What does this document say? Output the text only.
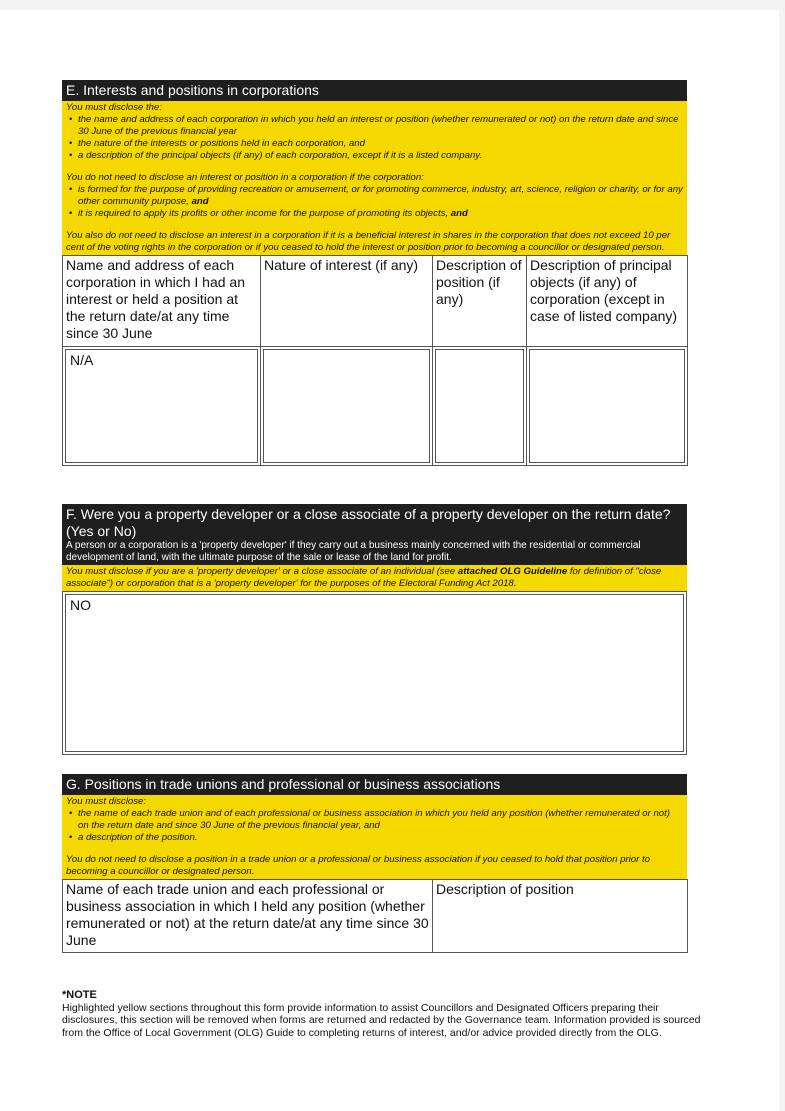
E. Interests and positions in corporations
You must disclose the:
• the name and address of each corporation in which you held an interest or position (whether remunerated or not) on the return date and since 30 June of the previous financial year
• the nature of the interests or positions held in each corporation, and
• a description of the principal objects (if any) of each corporation, except if it is a listed company.
You do not need to disclose an interest or position in a corporation if the corporation:
• is formed for the purpose of providing recreation or amusement, or for promoting commerce, industry, art, science, religion or charity, or for any other community purpose, and
• it is required to apply its profits or other income for the purpose of promoting its objects, and
You also do not need to disclose an interest in a corporation if it is a beneficial interest in shares in the corporation that does not exceed 10 per cent of the voting rights in the corporation or if you ceased to hold the interest or position prior to becoming a councillor or designated person.
Name and address of each corporation in which I had an interest or held a position at the return date/at any time since 30 June	Nature of interest (if any)	Description of position (if any)	Description of principal objects (if any) of corporation (except in case of listed company)

N/A			

F. Were you a property developer or a close associate of a property developer on the return date? (Yes or No)
A person or a corporation is a 'property developer' if they carry out a business mainly concerned with the residential or commercial development of land, with the ultimate purpose of the sale or lease of the land for profit.
You must disclose if you are a 'property developer' or a close associate of an individual (see attached OLG Guideline for definition of "close associate") or corporation that is a 'property developer' for the purposes of the Electoral Funding Act 2018.
NO
G. Positions in trade unions and professional or business associations
You must disclose:
• the name of each trade union and of each professional or business association in which you held any position (whether remunerated or not) on the return date and since 30 June of the previous financial year, and
• a description of the position.
You do not need to disclose a position in a trade union or a professional or business association if you ceased to hold that position prior to becoming a councillor or designated person.
Name of each trade union and each professional or business association in which I held any position (whether remunerated or not) at the return date/at any time since 30 June	Description of position
*NOTE
Highlighted yellow sections throughout this form provide information to assist Councillors and Designated Officers preparing their disclosures, this section will be removed when forms are returned and redacted by the Governance team. Information provided is sourced from the Office of Local Government (OLG) Guide to completing returns of interest, and/or advice provided directly from the OLG.
